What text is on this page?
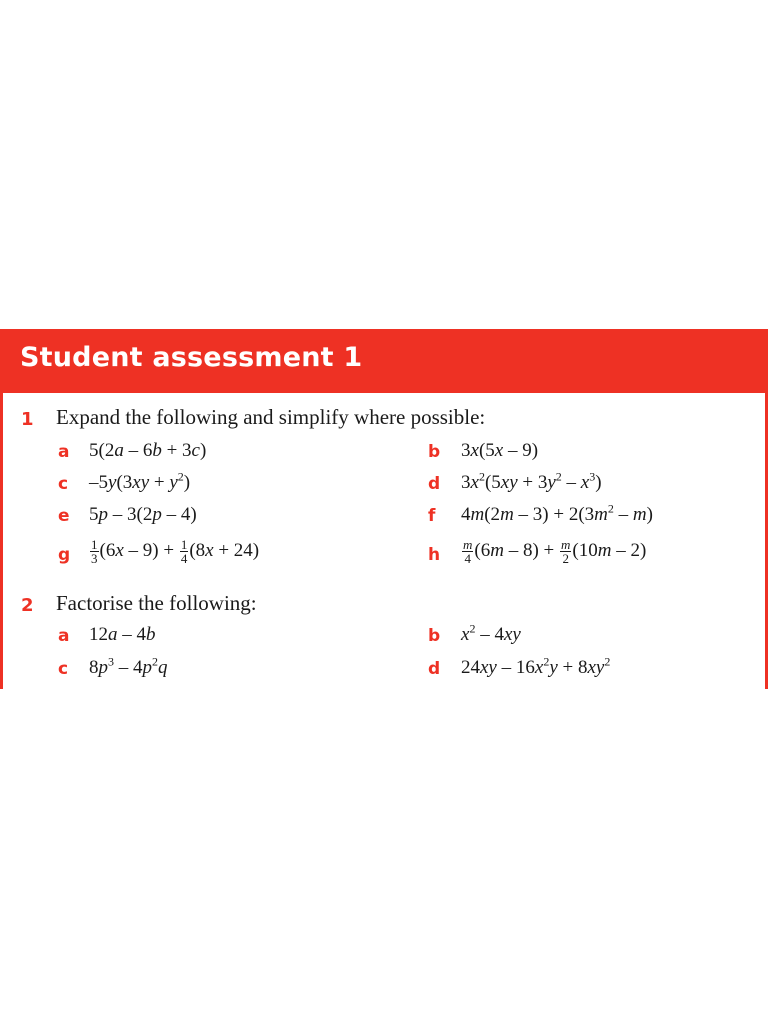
Student assessment 1
1 Expand the following and simplify where possible:
a 5(2a – 6b + 3c)	b 3x(5x – 9)
c $-5y(3xy + y^2)$	d $3x^2(5xy + 3y^2 - x^3)$
e 5p – 3(2p – 4)	f $4m(2m - 3) + 2(3m^2 - m)$
g $\frac{1}{3} (6x - 9) + \frac{1}{4} (8x + 24)$	h $\frac{m}{4} (6m - 8) + \frac{m}{2} (10m - 2)$
2 Factorise the following:
a 12a – 4b	b $x^2 - 4xy$
c $8p^3 - 4p^2q$	d $24xy - 16x^2y + 8xy^2$
